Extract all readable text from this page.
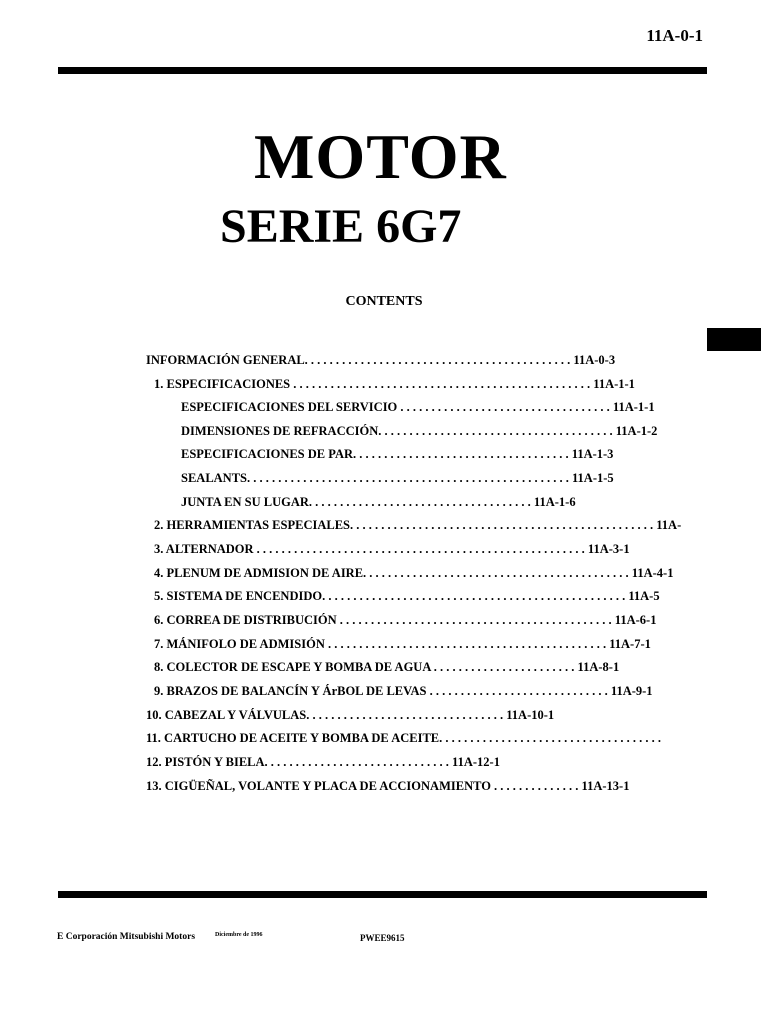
11A-0-1
MOTOR
SERIE 6G7
CONTENTS
INFORMACIÓN GENERAL. . . . . . . . . . . . . . . . . . . . . . . . . . . . . . . . . . . . . . . . . . . 11A-0-3
1. ESPECIFICACIONES . . . . . . . . . . . . . . . . . . . . . . . . . . . . . . . . . . . . . . . . . . . . . . . . 11A-1-1
ESPECIFICACIONES DEL SERVICIO . . . . . . . . . . . . . . . . . . . . . . . . . . . . . . . . . . 11A-1-1
DIMENSIONES DE REFRACCIÓN. . . . . . . . . . . . . . . . . . . . . . . . . . . . . . . . . . . . . . 11A-1-2
ESPECIFICACIONES DE PAR. . . . . . . . . . . . . . . . . . . . . . . . . . . . . . . . . . . 11A-1-3
SEALANTS. . . . . . . . . . . . . . . . . . . . . . . . . . . . . . . . . . . . . . . . . . . . . . . . . . . . 11A-1-5
JUNTA EN SU LUGAR. . . . . . . . . . . . . . . . . . . . . . . . . . . . . . . . . . . . 11A-1-6
2. HERRAMIENTAS ESPECIALES. . . . . . . . . . . . . . . . . . . . . . . . . . . . . . . . . . . . . . . . . . . . . . . . . 11A-
3. ALTERNADOR . . . . . . . . . . . . . . . . . . . . . . . . . . . . . . . . . . . . . . . . . . . . . . . . . . . . . 11A-3-1
4. PLENUM DE ADMISION DE AIRE. . . . . . . . . . . . . . . . . . . . . . . . . . . . . . . . . . . . . . . . . . . 11A-4-1
5. SISTEMA DE ENCENDIDO. . . . . . . . . . . . . . . . . . . . . . . . . . . . . . . . . . . . . . . . . . . . . . . . . 11A-5
6. CORREA DE DISTRIBUCIÓN . . . . . . . . . . . . . . . . . . . . . . . . . . . . . . . . . . . . . . . . . . . . 11A-6-1
7. MÁNIFOLO DE ADMISIÓN . . . . . . . . . . . . . . . . . . . . . . . . . . . . . . . . . . . . . . . . . . . . . 11A-7-1
8. COLECTOR DE ESCAPE Y BOMBA DE AGUA . . . . . . . . . . . . . . . . . . . . . . . 11A-8-1
9. BRAZOS DE BALANCÍN Y ÁrBOL DE LEVAS . . . . . . . . . . . . . . . . . . . . . . . . . . . . . 11A-9-1
10. CABEZAL Y VÁLVULAS. . . . . . . . . . . . . . . . . . . . . . . . . . . . . . . . 11A-10-1
11. CARTUCHO DE ACEITE Y BOMBA DE ACEITE. . . . . . . . . . . . . . . . . . . . . . . . . . . . . . . . . . . .
12. PISTÓN Y BIELA. . . . . . . . . . . . . . . . . . . . . . . . . . . . . . 11A-12-1
13. CIGÜEÑAL, VOLANTE Y PLACA DE ACCIONAMIENTO . . . . . . . . . . . . . . 11A-13-1
E Corporación Mitsubishi Motors	Diciembre de 1996	PWEE9615
